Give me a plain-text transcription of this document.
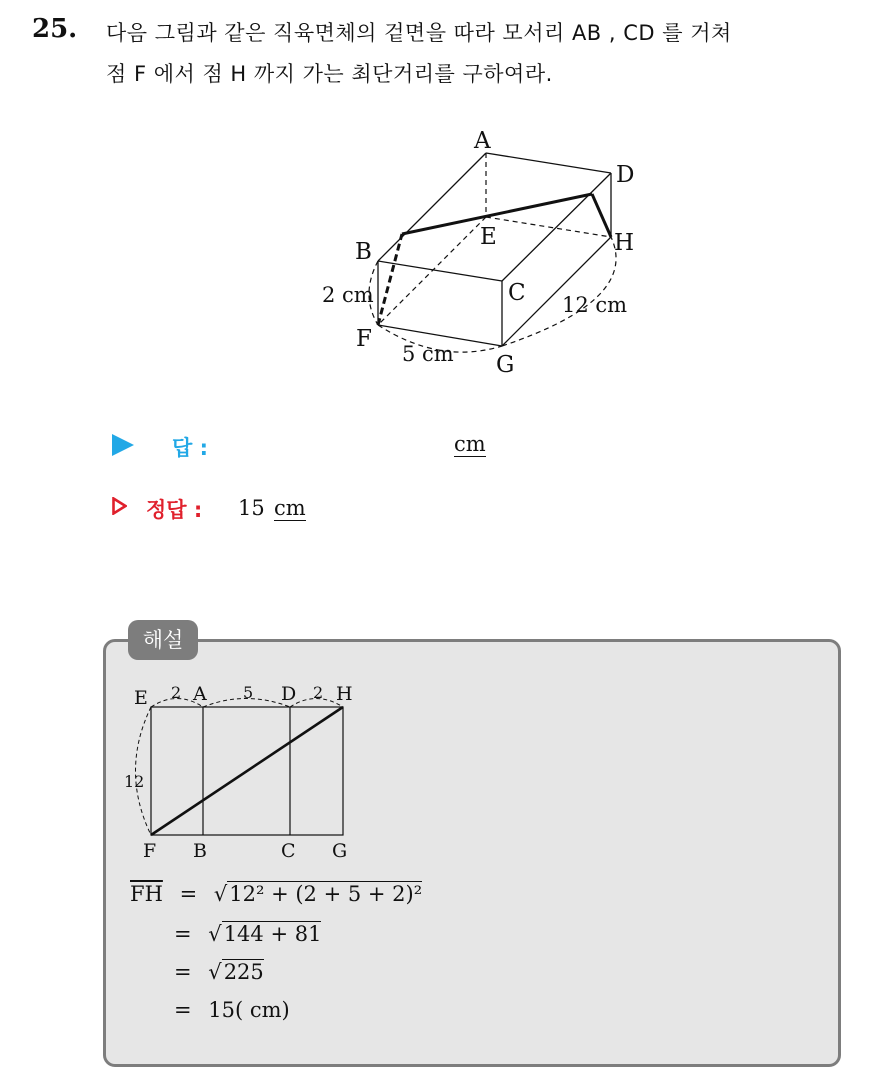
25. 다음 그림과 같은 직육면체의 겉면을 따라 모서리 AB , CD 를 거쳐
점 F 에서 점 H 까지 가는 최단거리를 구하여라.
A
D
E	H
B
C
F
G
2 cm
5 cm
12 cm
답 :	cm
정답 : 15 cm
해설
E A	D H
F B	C G
2	5	2
12
$\overline{FH} = √12^2 + (2 + 5 + 2)^2$
= √144 + 81
= √225
= 15( cm)
